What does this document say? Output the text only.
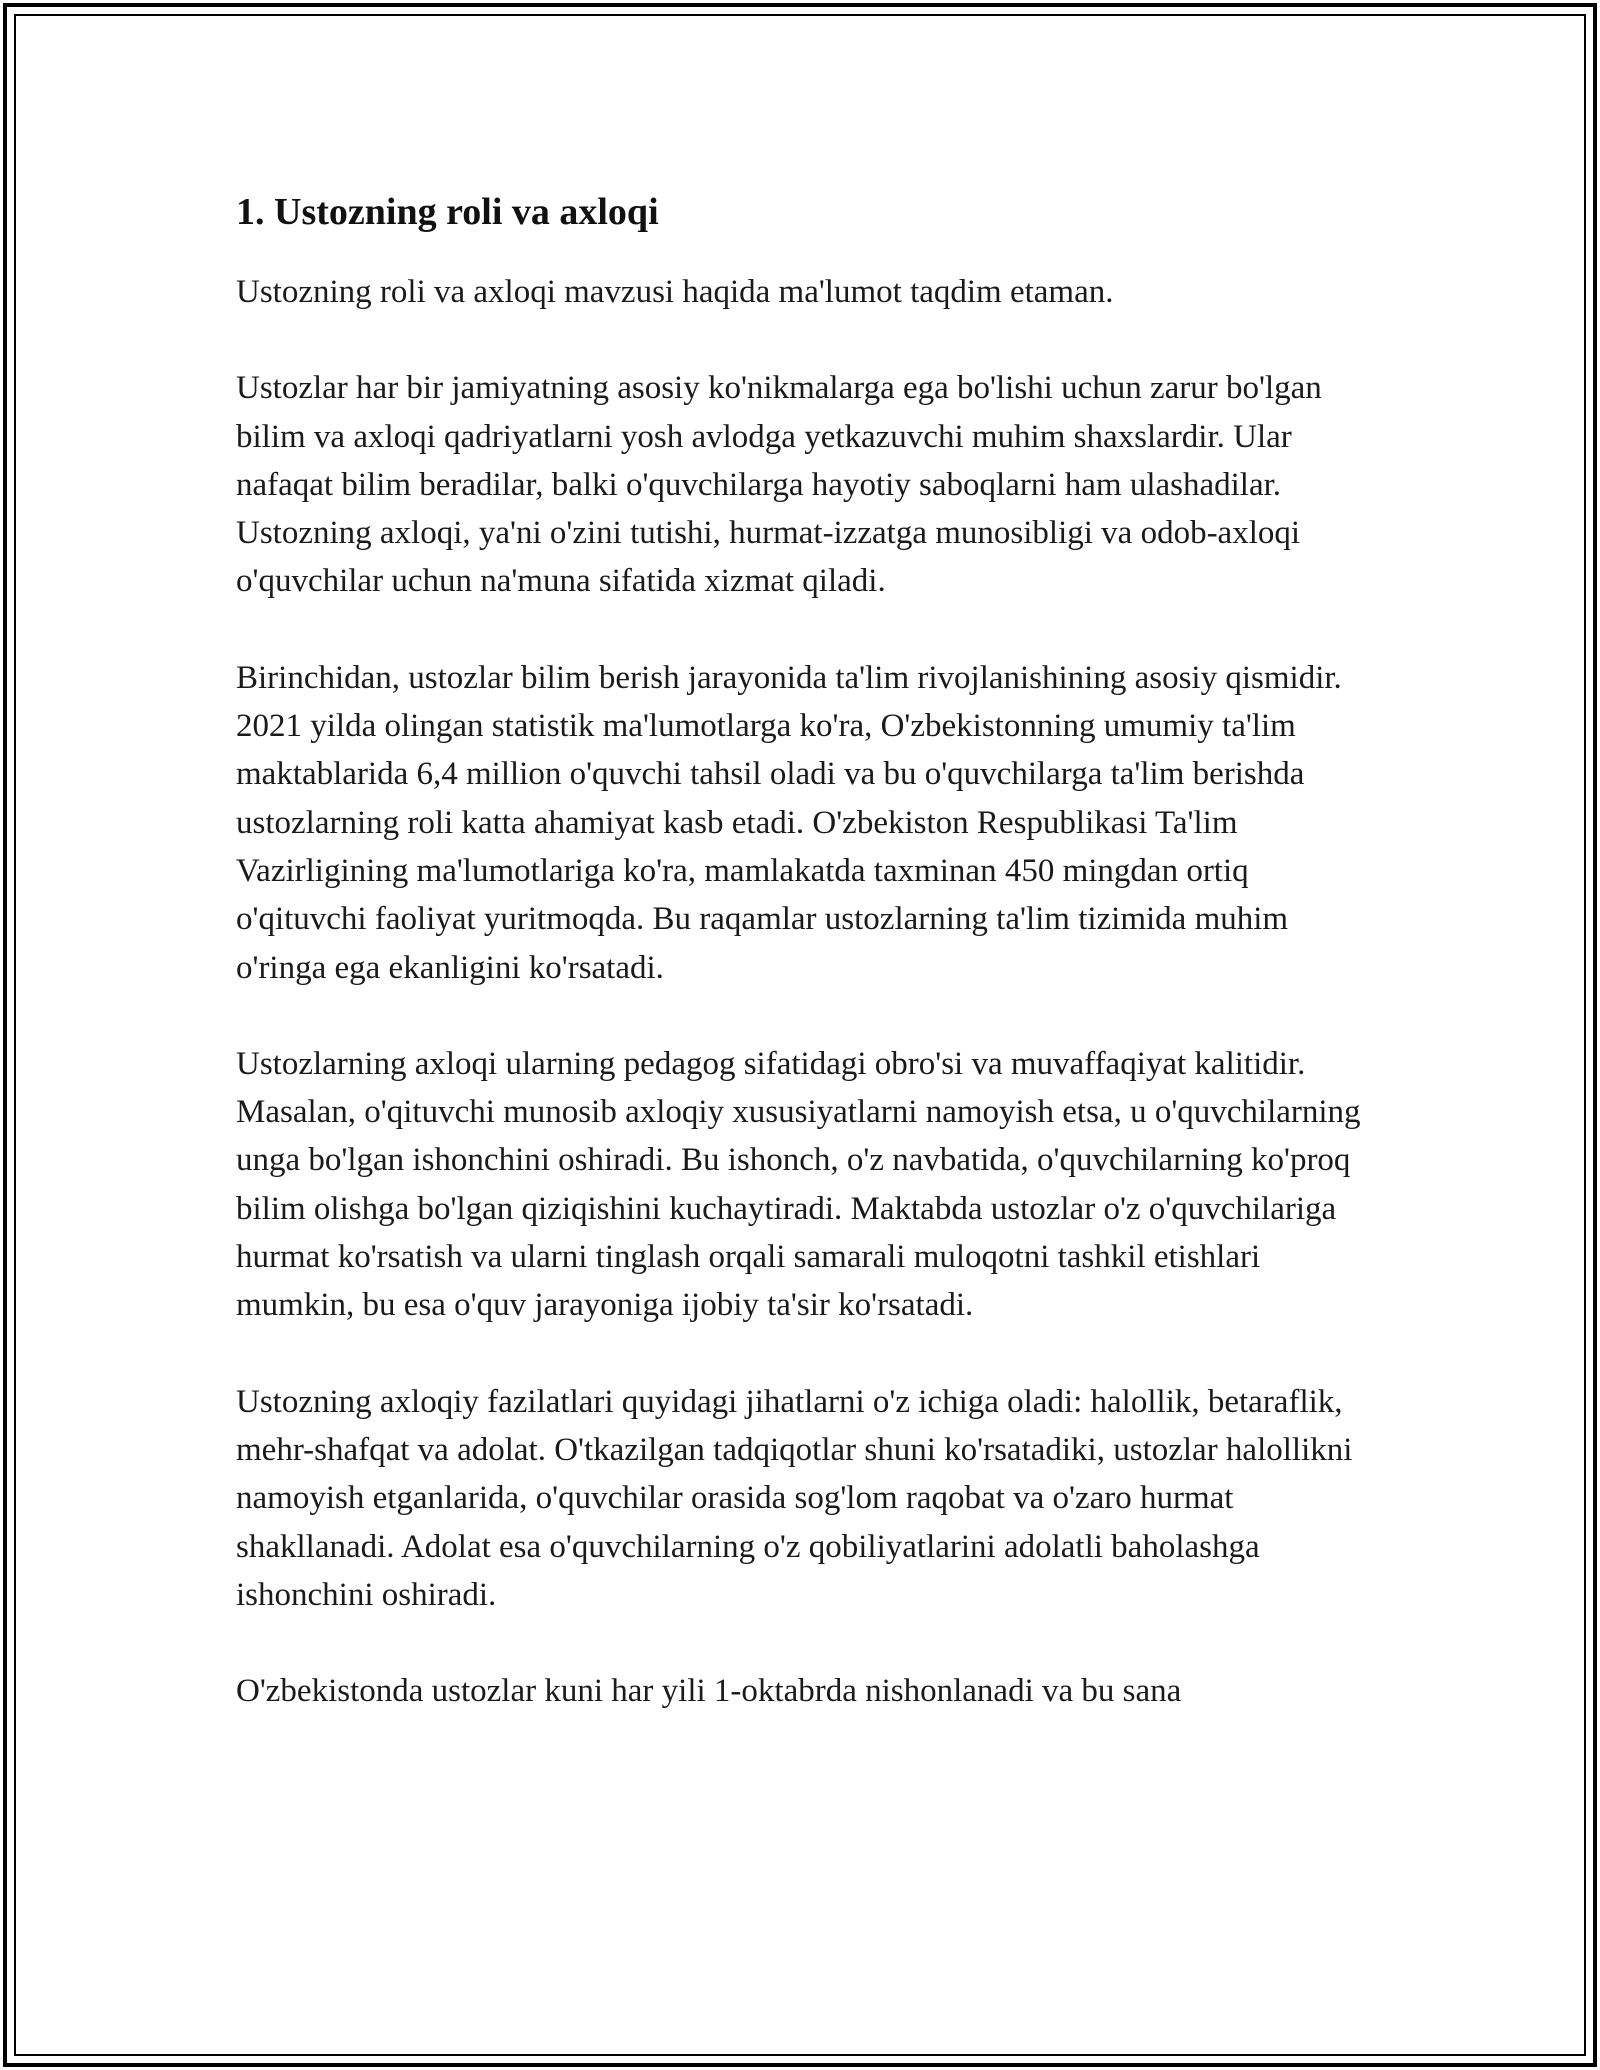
1. Ustozning roli va axloqi

Ustozning roli va axloqi mavzusi haqida ma'lumot taqdim etaman.

Ustozlar har bir jamiyatning asosiy ko'nikmalarga ega bo'lishi uchun zarur bo'lgan bilim va axloqi qadriyatlarni yosh avlodga yetkazuvchi muhim shaxslardir. Ular nafaqat bilim beradilar, balki o'quvchilarga hayotiy saboqlarni ham ulashadilar. Ustozning axloqi, ya'ni o'zini tutishi, hurmat-izzatga munosibligi va odob-axloqi o'quvchilar uchun na'muna sifatida xizmat qiladi.

Birinchidan, ustozlar bilim berish jarayonida ta'lim rivojlanishining asosiy qismidir. 2021 yilda olingan statistik ma'lumotlarga ko'ra, O'zbekistonning umumiy ta'lim maktablarida 6,4 million o'quvchi tahsil oladi va bu o'quvchilarga ta'lim berishda ustozlarning roli katta ahamiyat kasb etadi. O'zbekiston Respublikasi Ta'lim Vazirligining ma'lumotlariga ko'ra, mamlakatda taxminan 450 mingdan ortiq o'qituvchi faoliyat yuritmoqda. Bu raqamlar ustozlarning ta'lim tizimida muhim o'ringa ega ekanligini ko'rsatadi.

Ustozlarning axloqi ularning pedagog sifatidagi obro'si va muvaffaqiyat kalitidir. Masalan, o'qituvchi munosib axloqiy xususiyatlarni namoyish etsa, u o'quvchilarning unga bo'lgan ishonchini oshiradi. Bu ishonch, o'z navbatida, o'quvchilarning ko'proq bilim olishga bo'lgan qiziqishini kuchaytiradi. Maktabda ustozlar o'z o'quvchilariga hurmat ko'rsatish va ularni tinglash orqali samarali muloqotni tashkil etishlari mumkin, bu esa o'quv jarayoniga ijobiy ta'sir ko'rsatadi.

Ustozning axloqiy fazilatlari quyidagi jihatlarni o'z ichiga oladi: halollik, betaraflik, mehr-shafqat va adolat. O'tkazilgan tadqiqotlar shuni ko'rsatadiki, ustozlar halollikni namoyish etganlarida, o'quvchilar orasida sog'lom raqobat va o'zaro hurmat shakllanadi. Adolat esa o'quvchilarning o'z qobiliyatlarini adolatli baholashga ishonchini oshiradi.

O'zbekistonda ustozlar kuni har yili 1-oktabrda nishonlanadi va bu sana
